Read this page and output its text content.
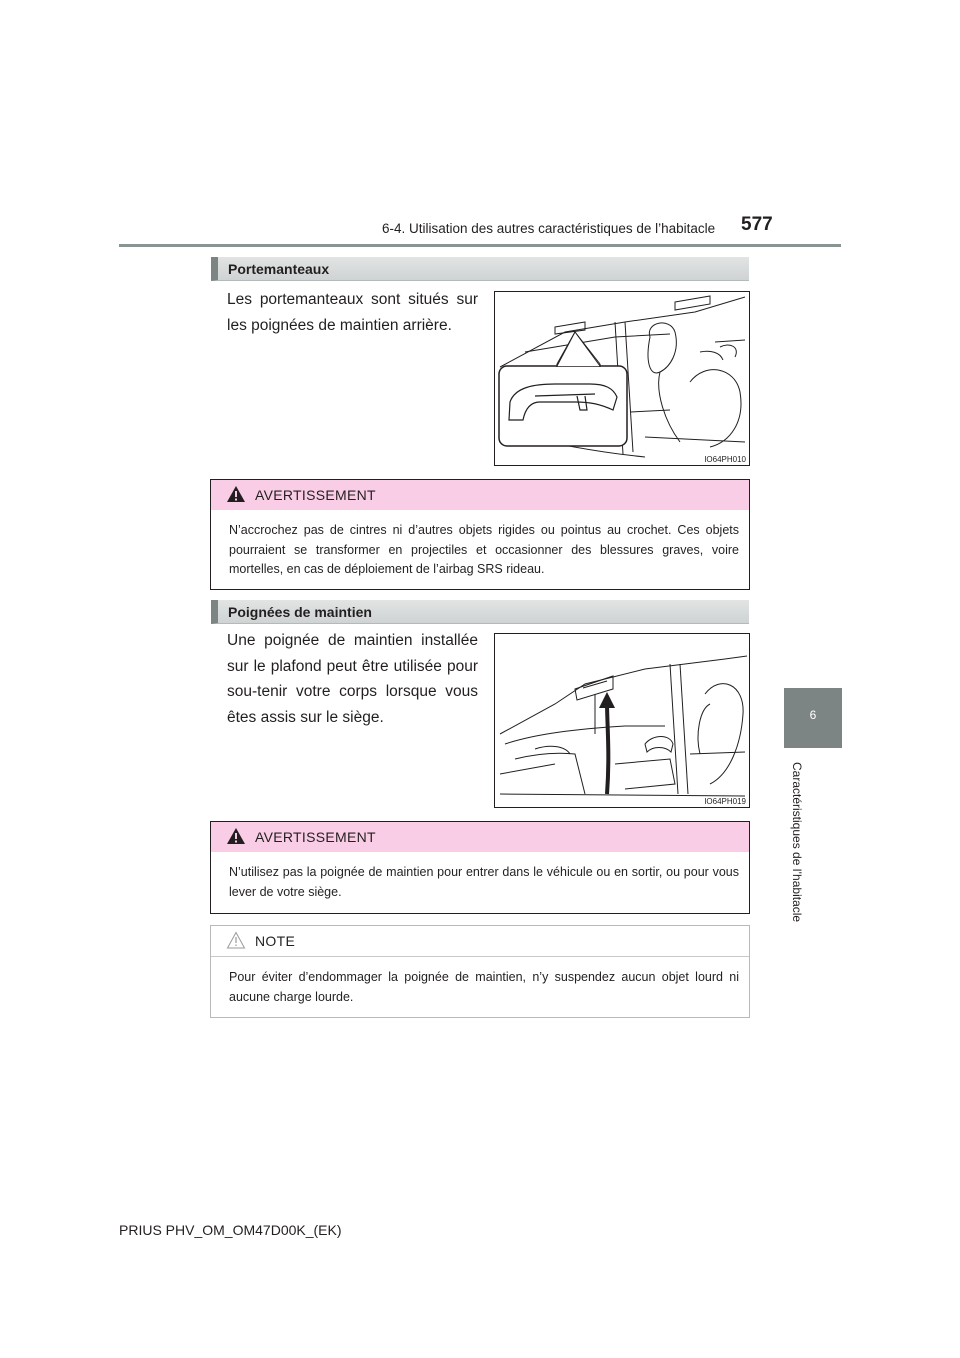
6-4. Utilisation des autres caractéristiques de l’habitacle 577
6
Caractéristiques de l’habitacle
Portemanteaux
Les portemanteaux sont situés sur les poignées de maintien arrière.
IO64PH010
AVERTISSEMENT
N’accrochez pas de cintres ni d’autres objets rigides ou pointus au crochet. Ces objets pourraient se transformer en projectiles et occasionner des blessures graves, voire mortelles, en cas de déploiement de l’airbag SRS rideau.
Poignées de maintien
Une poignée de maintien installée sur le plafond peut être utilisée pour sou-tenir votre corps lorsque vous êtes assis sur le siège.
IO64PH019
AVERTISSEMENT
N’utilisez pas la poignée de maintien pour entrer dans le véhicule ou en sortir, ou pour vous lever de votre siège.
NOTE
Pour éviter d’endommager la poignée de maintien, n’y suspendez aucun objet lourd ni aucune charge lourde.
PRIUS PHV_OM_OM47D00K_(EK)
